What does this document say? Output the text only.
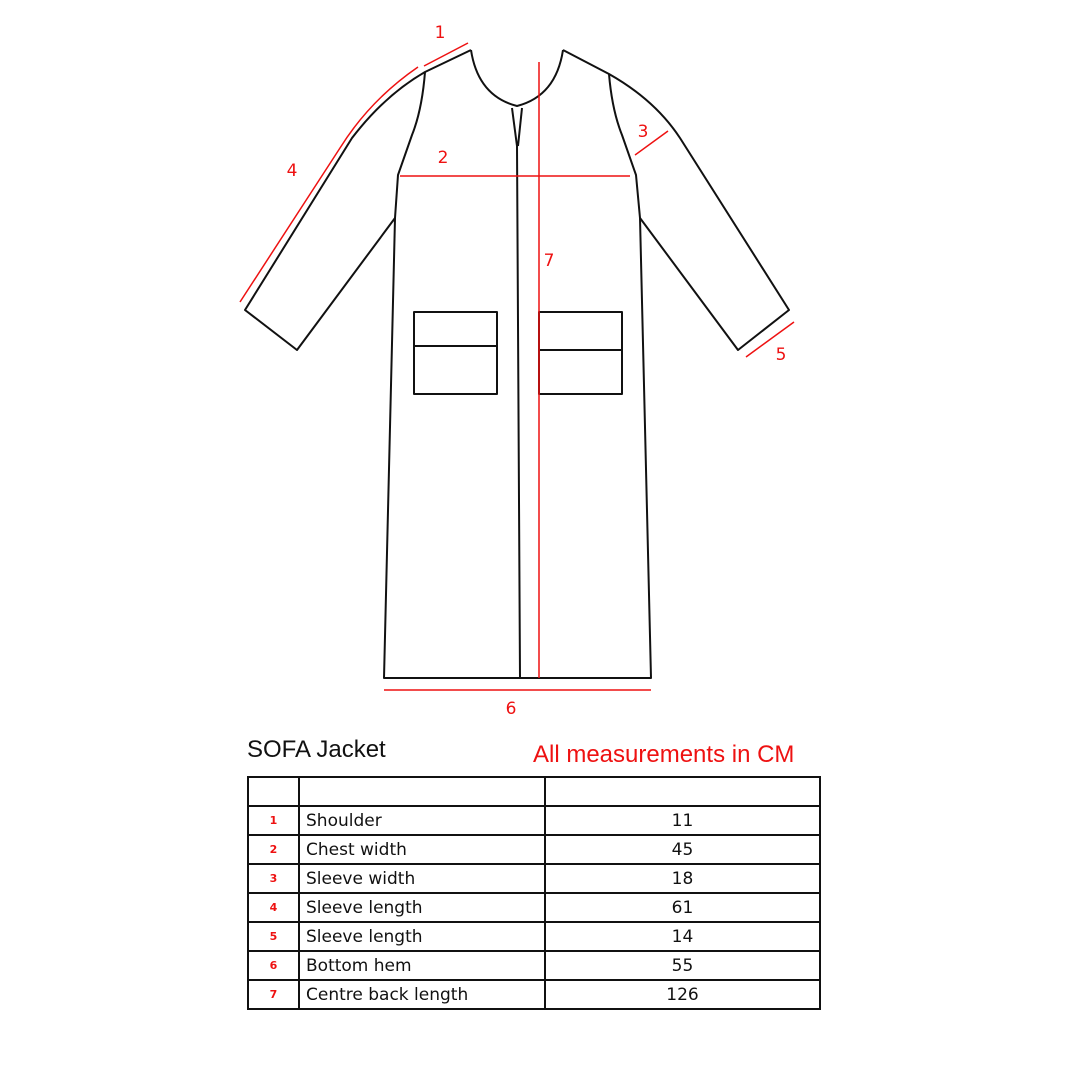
1
2
3
4
5
6
7
SOFA Jacket	All measurements in CM

1	Shoulder	11
2	Chest width	45
3	Sleeve width	18
4	Sleeve length	61
5	Sleeve length	14
6	Bottom hem	55
7	Centre back length	126
